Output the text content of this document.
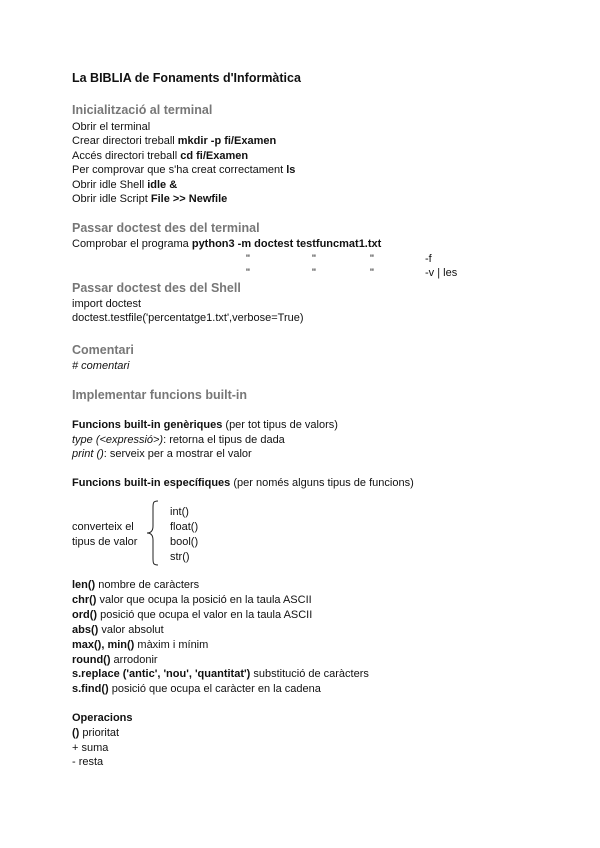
La BIBLIA de Fonaments d'Informàtica
Inicialització al terminal
Obrir el terminal
Crear directori treball mkdir -p fi/Examen
Accés directori treball cd fi/Examen
Per comprovar que s'ha creat correctament ls
Obrir idle Shell idle &
Obrir idle Script File >> Newfile
Passar doctest des del terminal
Comprobar el programa python3 -m doctest testfuncmat1.txt
"	"	"	-f
"	"	"	-v | les
Passar doctest des del Shell
import doctest
doctest.testfile('percentatge1.txt',verbose=True)
Comentari
# comentari
Implementar funcions built-in
Funcions built-in genèriques (per tot tipus de valors)
type (<expressió>): retorna el tipus de dada
print (): serveix per a mostrar el valor
Funcions built-in específiques (per només alguns tipus de funcions)
converteix el
tipus de valor
int()
float()
bool()
str()
len() nombre de caràcters
chr() valor que ocupa la posició en la taula ASCII
ord() posició que ocupa el valor en la taula ASCII
abs() valor absolut
max(), min() màxim i mínim
round() arrodonir
s.replace ('antic', 'nou', 'quantitat') substitució de caràcters
s.find() posició que ocupa el caràcter en la cadena
Operacions
() prioritat
+ suma
- resta
